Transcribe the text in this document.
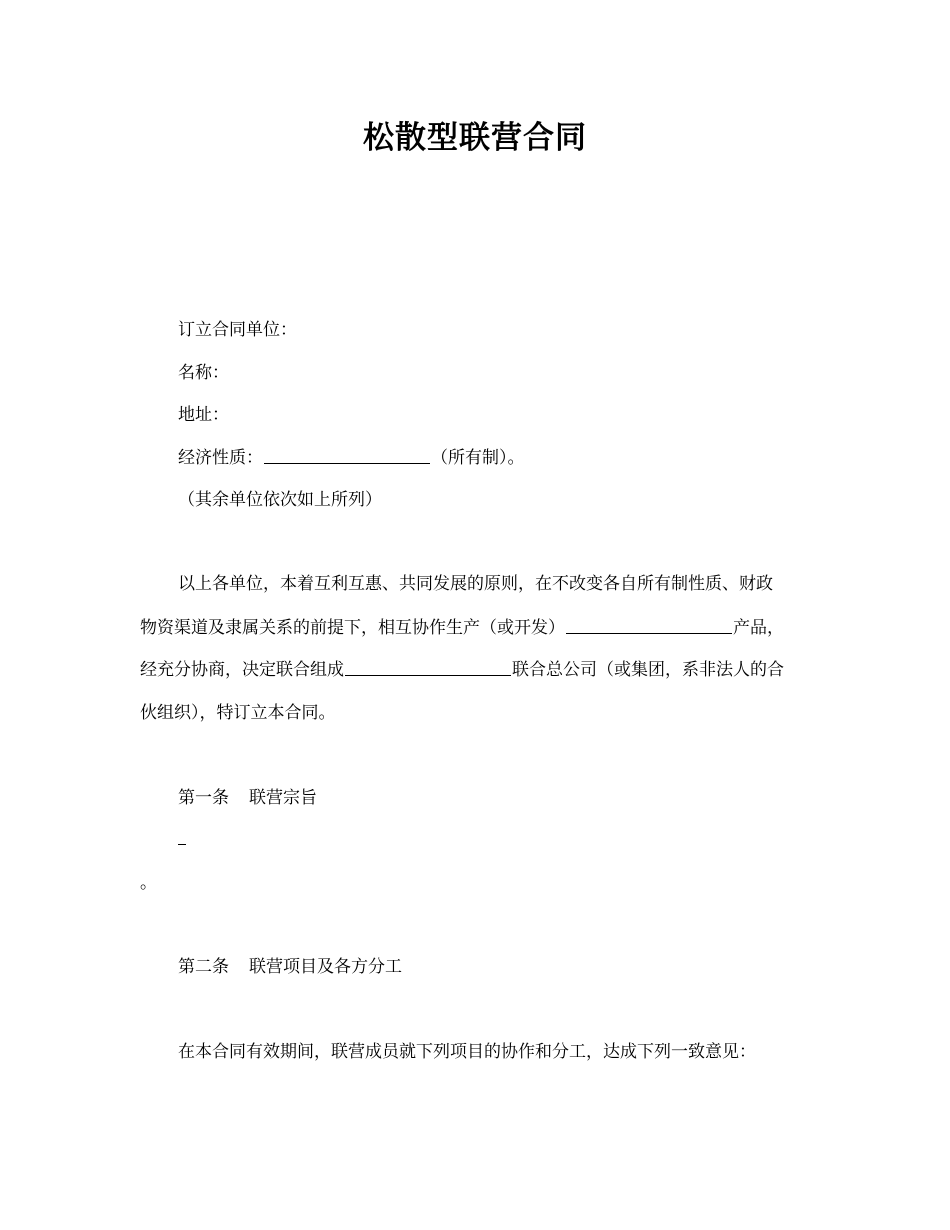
松散型联营合同
订立合同单位：
名称：
地址：
经济性质：	（所有制）。
（其余单位依次如上所列）
以上各单位，本着互利互惠、共同发展的原则，在不改变各自所有制性质、财政
物资渠道及隶属关系的前提下，相互协作生产（或开发）	产品，
经充分协商，决定联合组成	联合总公司（或集团，系非法人的合
伙组织），特订立本合同。
第一条 联营宗旨
。
第二条 联营项目及各方分工
在本合同有效期间，联营成员就下列项目的协作和分工，达成下列一致意见：
